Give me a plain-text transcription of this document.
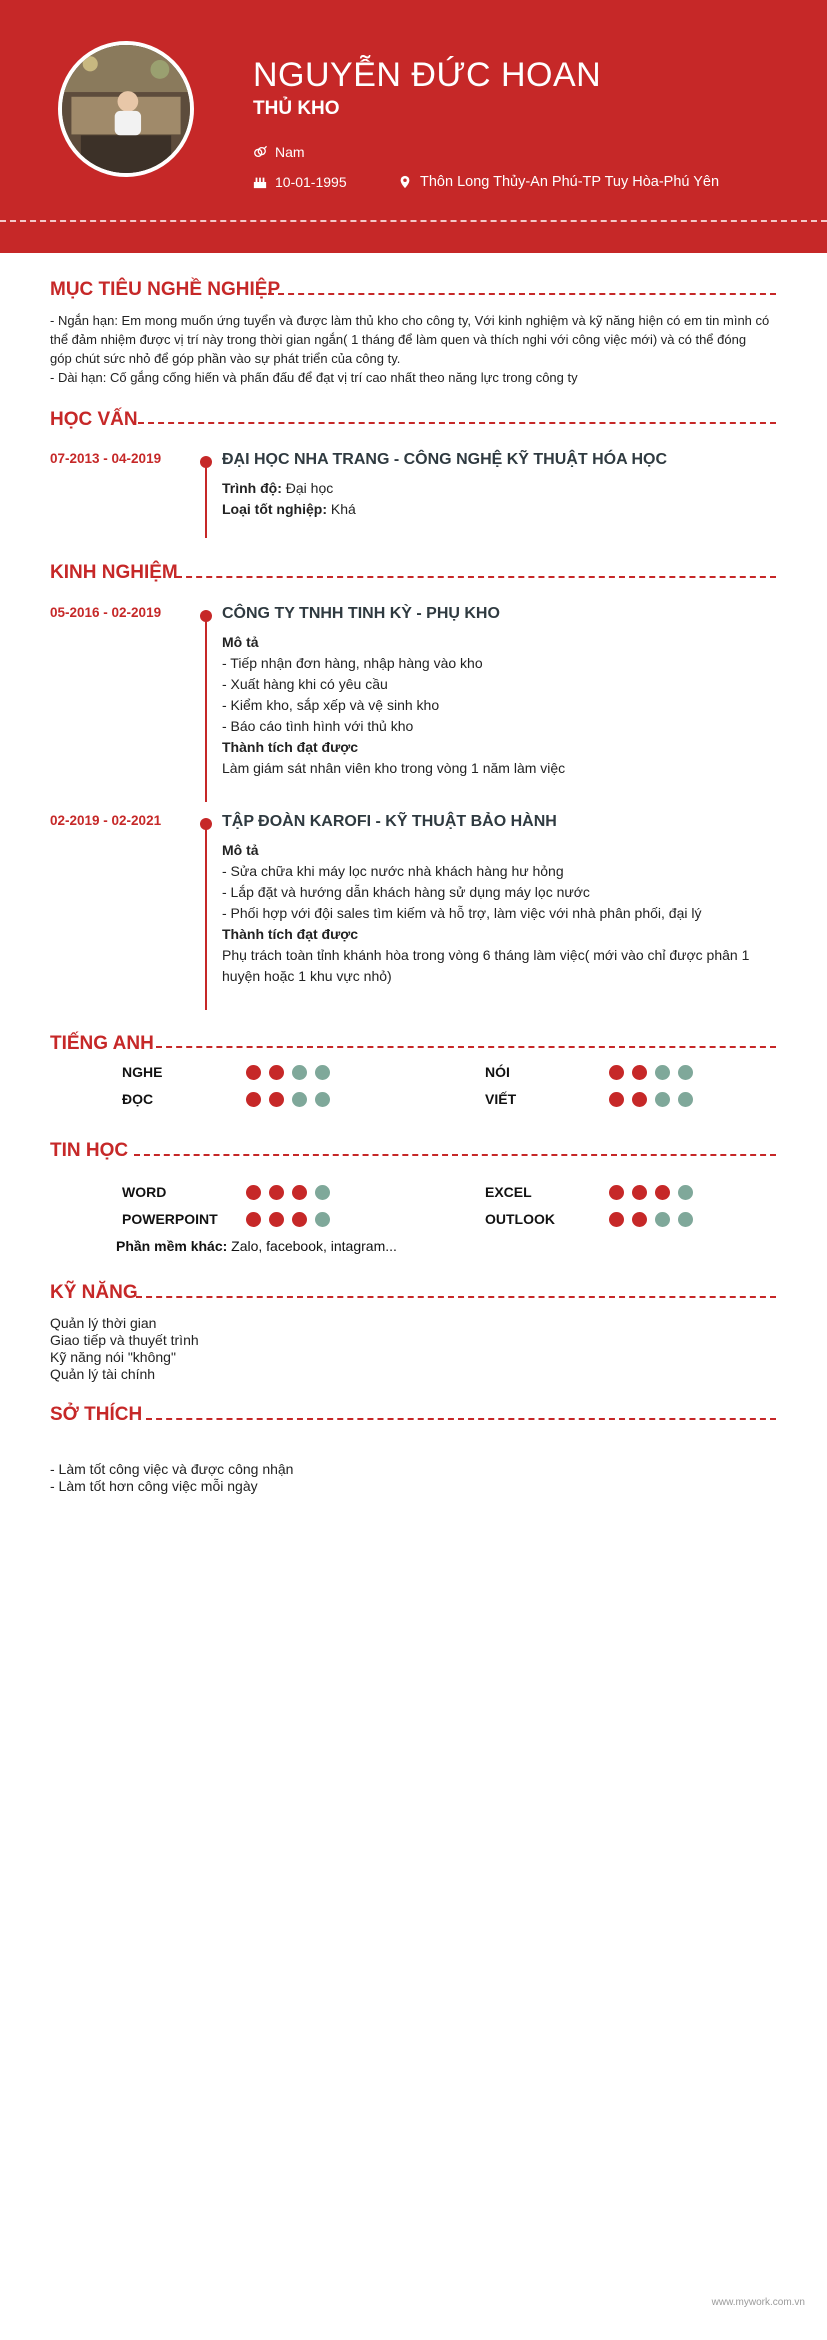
NGUYỄN ĐỨC HOAN
THỦ KHO
Nam
10-01-1995	Thôn Long Thủy-An Phú-TP Tuy Hòa-Phú Yên
MỤC TIÊU NGHỀ NGHIỆP
- Ngắn hạn: Em mong muốn ứng tuyển và được làm thủ kho cho công ty, Với kinh nghiệm và kỹ năng hiện có em tin mình có thể đảm nhiệm được vị trí này trong thời gian ngắn( 1 tháng để làm quen và thích nghi với công việc mới) và có thể đóng góp chút sức nhỏ để góp phần vào sự phát triển của công ty.
- Dài hạn: Cố gắng cống hiến và phấn đấu để đạt vị trí cao nhất theo năng lực trong công ty
HỌC VẤN
07-2013 - 04-2019	ĐẠI HỌC NHA TRANG - CÔNG NGHỆ KỸ THUẬT HÓA HỌC
Trình độ: Đại học
Loại tốt nghiệp: Khá
KINH NGHIỆM
05-2016 - 02-2019	CÔNG TY TNHH TINH KỲ - PHỤ KHO
Mô tả
- Tiếp nhận đơn hàng, nhập hàng vào kho
- Xuất hàng khi có yêu cầu
- Kiểm kho, sắp xếp và vệ sinh kho
- Báo cáo tình hình với thủ kho
Thành tích đạt được
Làm giám sát nhân viên kho trong vòng 1 năm làm việc
02-2019 - 02-2021	TẬP ĐOÀN KAROFI - KỸ THUẬT BẢO HÀNH
Mô tả
- Sửa chữa khi máy lọc nước nhà khách hàng hư hỏng
- Lắp đặt và hướng dẫn khách hàng sử dụng máy lọc nước
- Phối hợp với đội sales tìm kiếm và hỗ trợ, làm việc với nhà phân phối, đại lý
Thành tích đạt được
Phụ trách toàn tỉnh khánh hòa trong vòng 6 tháng làm việc( mới vào chỉ được phân 1 huyện hoặc 1 khu vực nhỏ)
TIẾNG ANH
NGHE	NÓI
ĐỌC	VIẾT
TIN HỌC
WORD	EXCEL
POWERPOINT	OUTLOOK
Phần mềm khác: Zalo, facebook, intagram...
KỸ NĂNG
Quản lý thời gian
Giao tiếp và thuyết trình
Kỹ năng nói "không"
Quản lý tài chính
SỞ THÍCH
- Làm tốt công việc và được công nhận
- Làm tốt hơn công việc mỗi ngày
www.mywork.com.vn
